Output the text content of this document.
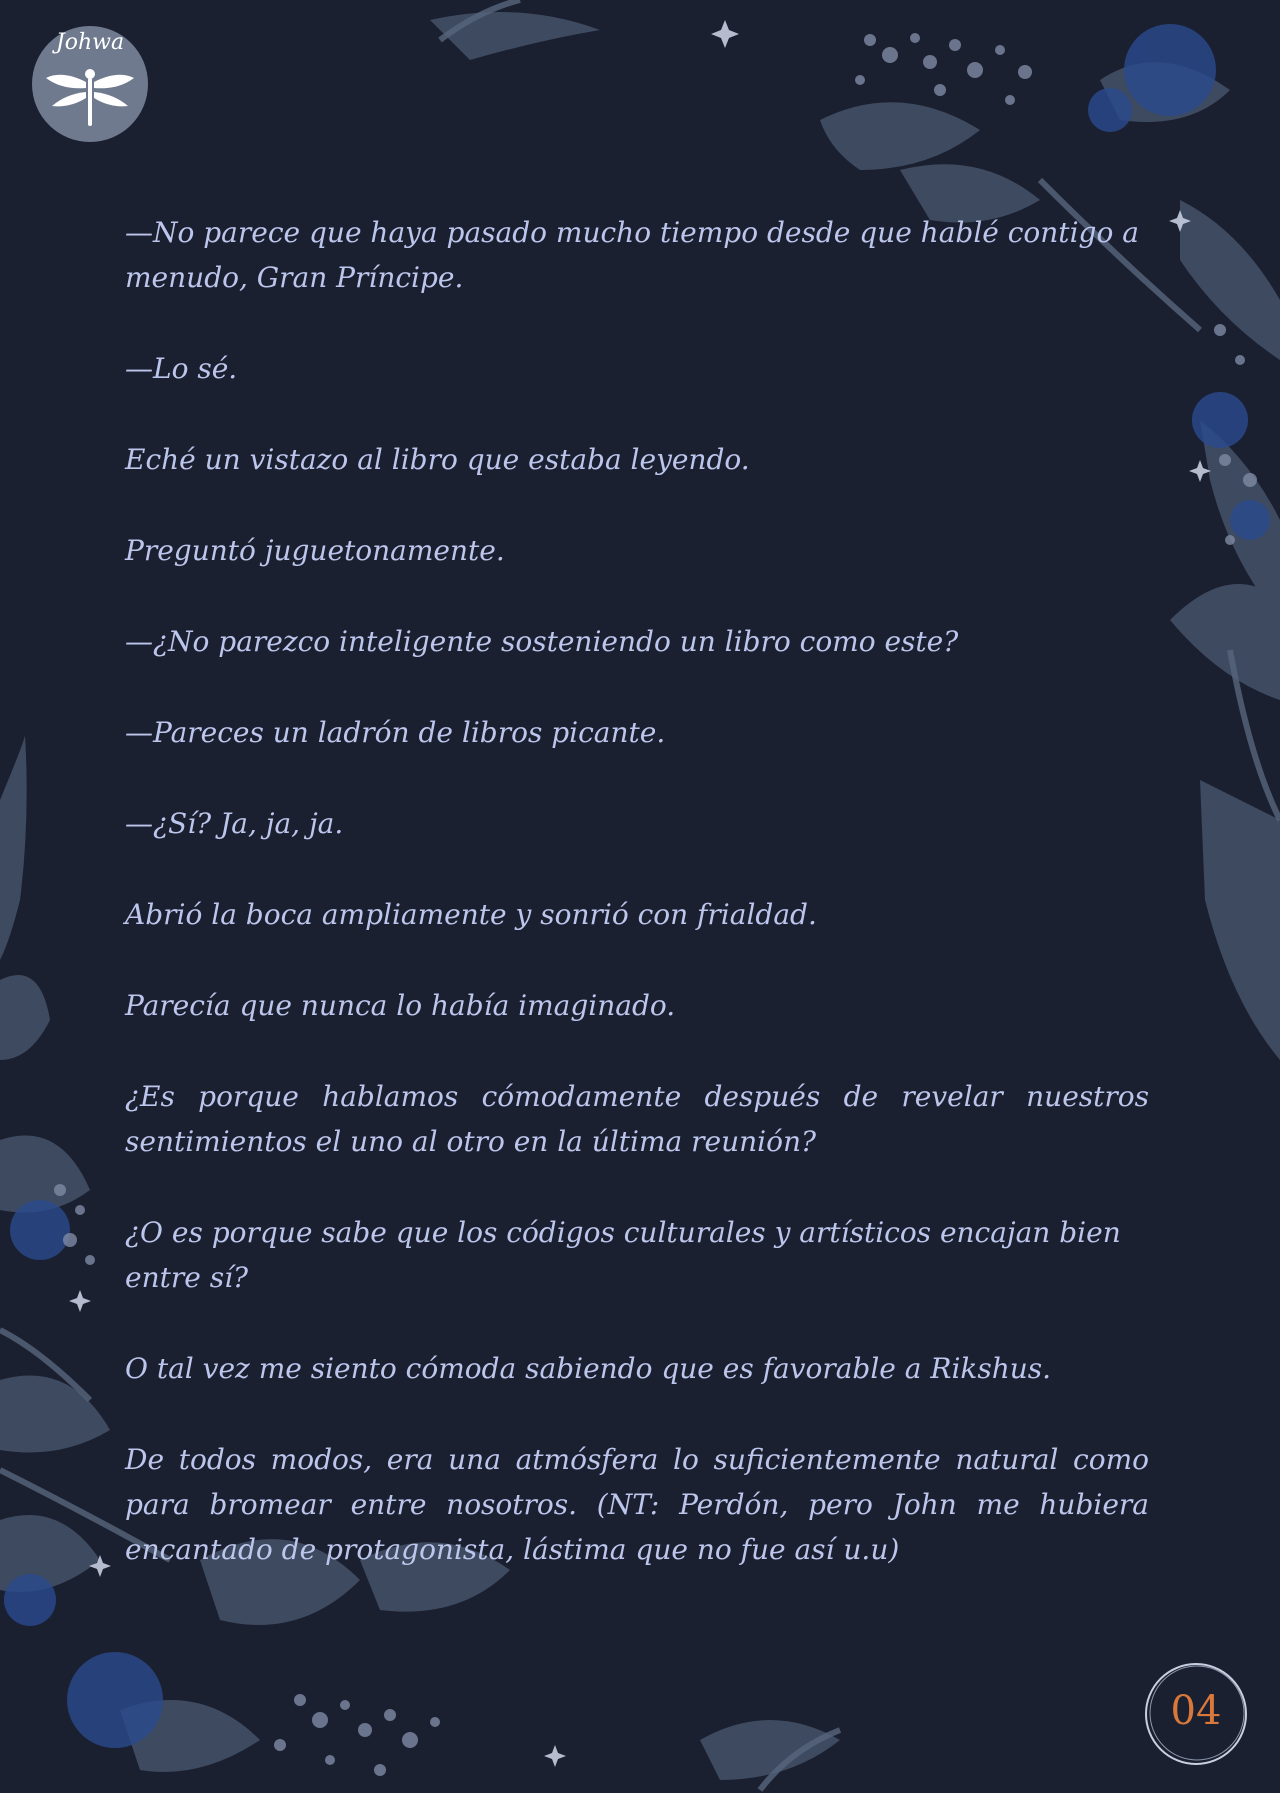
Johwa

—No parece que haya pasado mucho tiempo desde que hablé contigo a menudo, Gran Príncipe.

—Lo sé.

Eché un vistazo al libro que estaba leyendo.

Preguntó juguetonamente.

—¿No parezco inteligente sosteniendo un libro como este?

—Pareces un ladrón de libros picante.

—¿Sí? Ja, ja, ja.

Abrió la boca ampliamente y sonrió con frialdad.

Parecía que nunca lo había imaginado.

¿Es porque hablamos cómodamente después de revelar nuestros sentimientos el uno al otro en la última reunión?

¿O es porque sabe que los códigos culturales y artísticos encajan bien entre sí?

O tal vez me siento cómoda sabiendo que es favorable a Rikshus.

De todos modos, era una atmósfera lo suficientemente natural como para bromear entre nosotros. (NT: Perdón, pero John me hubiera encantado de protagonista, lástima que no fue así u.u)

04
